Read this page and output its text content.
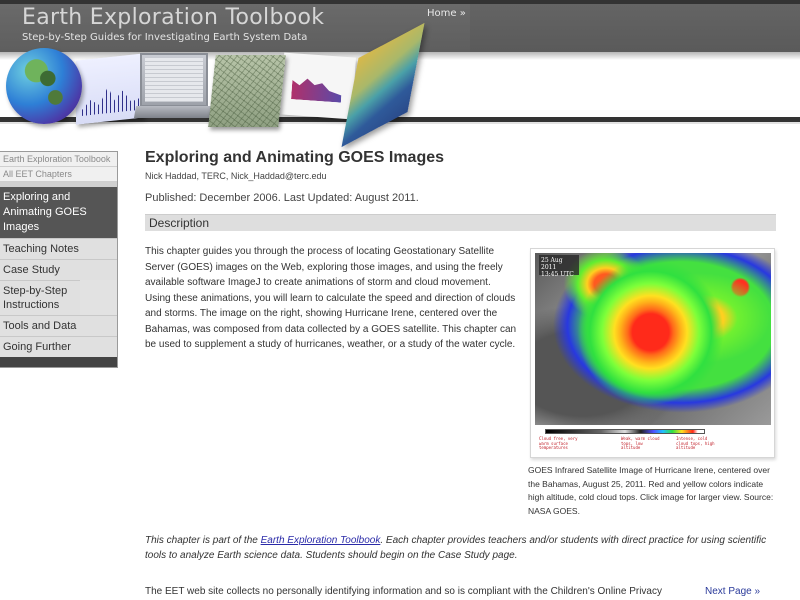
Earth Exploration Toolbook
Step-by-Step Guides for Investigating Earth System Data
Home »
Earth Exploration Toolbook
All EET Chapters
Exploring and Animating GOES Images
Teaching Notes
Case Study
Step-by-Step Instructions
Tools and Data
Going Further
Exploring and Animating GOES Images
Nick Haddad, TERC, Nick_Haddad@terc.edu
Published: December 2006. Last Updated: August 2011.
Description

This chapter guides you through the process of locating Geostationary Satellite Server (GOES) images on the Web, exploring those images, and using the freely available software ImageJ to create animations of storm and cloud movement. Using these animations, you will learn to calculate the speed and direction of clouds and storms. The image on the right, showing Hurricane Irene, centered over the Bahamas, was composed from data collected by a GOES satellite. This chapter can be used to supplement a study of hurricanes, weather, or a study of the water cycle.

25 Aug 2011
13:45 UTC
Cloud free, very warm surface temperatures
Weak, warm cloud tops, low altitude
Intense, cold cloud tops, high altitude

GOES Infrared Satellite Image of Hurricane Irene, centered over the Bahamas, August 25, 2011. Red and yellow colors indicate high altitude, cold cloud tops. Click image for larger view. Source: NASA GOES.

This chapter is part of the Earth Exploration Toolbook. Each chapter provides teachers and/or students with direct practice for using scientific tools to analyze Earth science data. Students should begin on the Case Study page.

The EET web site collects no personally identifying information and so is compliant with the Children's Online Privacy	Next Page »
